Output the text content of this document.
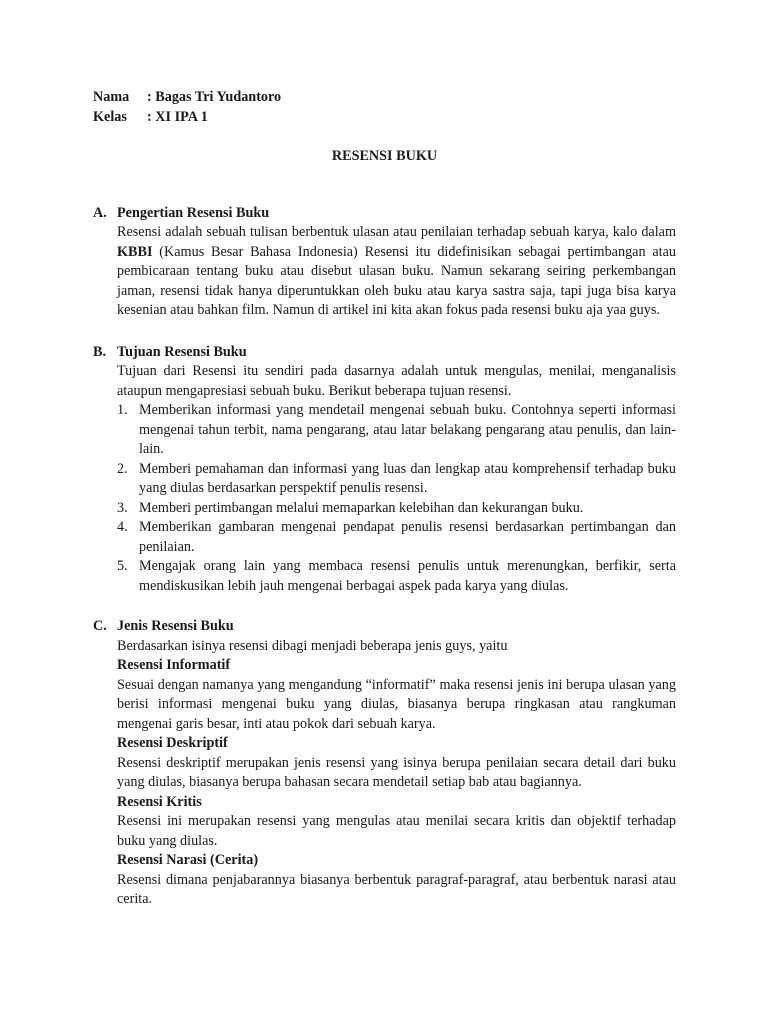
Nama	: Bagas Tri Yudantoro
Kelas	: XI IPA 1

RESENSI BUKU

A. Pengertian Resensi Buku

Resensi adalah sebuah tulisan berbentuk ulasan atau penilaian terhadap sebuah karya, kalo dalam KBBI (Kamus Besar Bahasa Indonesia) Resensi itu didefinisikan sebagai pertimbangan atau pembicaraan tentang buku atau disebut ulasan buku. Namun sekarang seiring perkembangan jaman, resensi tidak hanya diperuntukkan oleh buku atau karya sastra saja, tapi juga bisa karya kesenian atau bahkan film. Namun di artikel ini kita akan fokus pada resensi buku aja yaa guys.

B. Tujuan Resensi Buku

Tujuan dari Resensi itu sendiri pada dasarnya adalah untuk mengulas, menilai, menganalisis ataupun mengapresiasi sebuah buku. Berikut beberapa tujuan resensi.

1. Memberikan informasi yang mendetail mengenai sebuah buku. Contohnya seperti informasi mengenai tahun terbit, nama pengarang, atau latar belakang pengarang atau penulis, dan lain-lain.
2. Memberi pemahaman dan informasi yang luas dan lengkap atau komprehensif terhadap buku yang diulas berdasarkan perspektif penulis resensi.
3. Memberi pertimbangan melalui memaparkan kelebihan dan kekurangan buku.
4. Memberikan gambaran mengenai pendapat penulis resensi berdasarkan pertimbangan dan penilaian.
5. Mengajak orang lain yang membaca resensi penulis untuk merenungkan, berfikir, serta mendiskusikan lebih jauh mengenai berbagai aspek pada karya yang diulas.
C. Jenis Resensi Buku

Berdasarkan isinya resensi dibagi menjadi beberapa jenis guys, yaitu

Resensi Informatif

Sesuai dengan namanya yang mengandung “informatif” maka resensi jenis ini berupa ulasan yang berisi informasi mengenai buku yang diulas, biasanya berupa ringkasan atau rangkuman mengenai garis besar, inti atau pokok dari sebuah karya.

Resensi Deskriptif

Resensi deskriptif merupakan jenis resensi yang isinya berupa penilaian secara detail dari buku yang diulas, biasanya berupa bahasan secara mendetail setiap bab atau bagiannya.

Resensi Kritis

Resensi ini merupakan resensi yang mengulas atau menilai secara kritis dan objektif terhadap buku yang diulas.

Resensi Narasi (Cerita)

Resensi dimana penjabarannya biasanya berbentuk paragraf-paragraf, atau berbentuk narasi atau cerita.
